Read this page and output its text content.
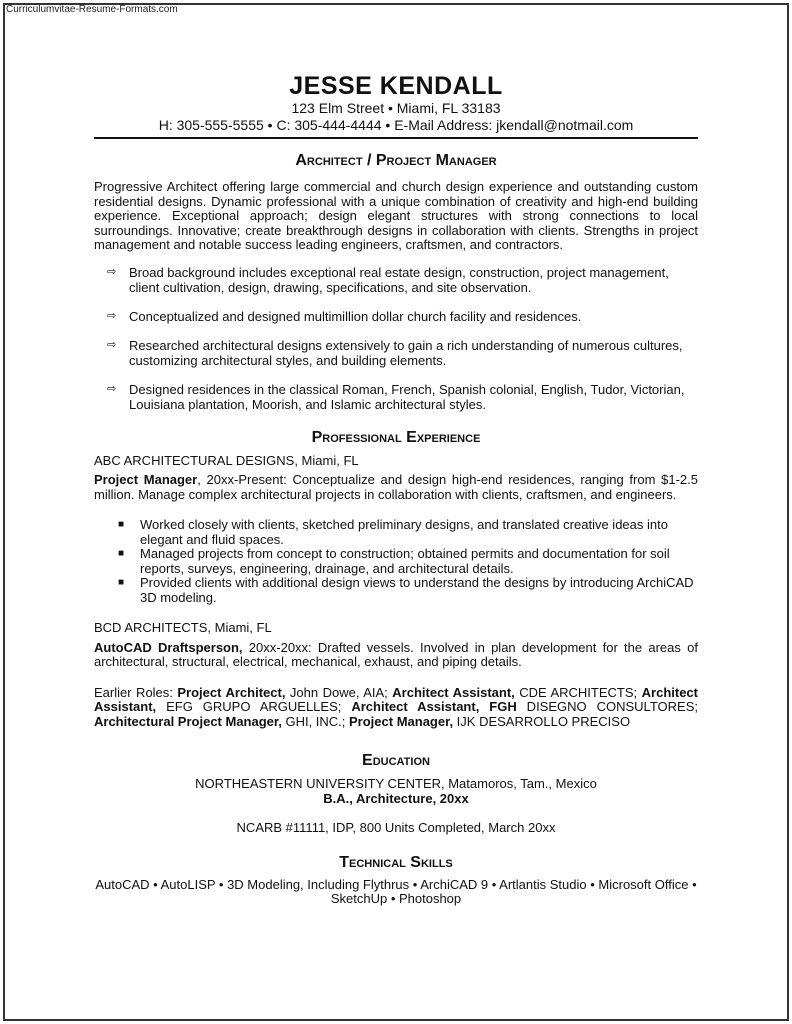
Curriculumvitae-Resume-Formats.com
JESSE KENDALL
123 Elm Street • Miami, FL 33183
H: 305-555-5555 • C: 305-444-4444 • E-Mail Address: jkendall@notmail.com
Architect / Project Manager

Progressive Architect offering large commercial and church design experience and outstanding custom residential designs. Dynamic professional with a unique combination of creativity and high-end building experience. Exceptional approach; design elegant structures with strong connections to local surroundings. Innovative; create breakthrough designs in collaboration with clients. Strengths in project management and notable success leading engineers, craftsmen, and contractors.

⇨ Broad background includes exceptional real estate design, construction, project management, client cultivation, design, drawing, specifications, and site observation.
⇨ Conceptualized and designed multimillion dollar church facility and residences.
⇨ Researched architectural designs extensively to gain a rich understanding of numerous cultures, customizing architectural styles, and building elements.
⇨ Designed residences in the classical Roman, French, Spanish colonial, English, Tudor, Victorian, Louisiana plantation, Moorish, and Islamic architectural styles.
Professional Experience

ABC ARCHITECTURAL DESIGNS, Miami, FL

Project Manager, 20xx-Present: Conceptualize and design high-end residences, ranging from $1-2.5 million. Manage complex architectural projects in collaboration with clients, craftsmen, and engineers.

■ Worked closely with clients, sketched preliminary designs, and translated creative ideas into elegant and fluid spaces.
■ Managed projects from concept to construction; obtained permits and documentation for soil reports, surveys, engineering, drainage, and architectural details.
■ Provided clients with additional design views to understand the designs by introducing ArchiCAD 3D modeling.

BCD ARCHITECTS, Miami, FL

AutoCAD Draftsperson, 20xx-20xx: Drafted vessels. Involved in plan development for the areas of architectural, structural, electrical, mechanical, exhaust, and piping details.

Earlier Roles: Project Architect, John Dowe, AIA; Architect Assistant, CDE ARCHITECTS; Architect Assistant, EFG GRUPO ARGUELLES; Architect Assistant, FGH DISEGNO CONSULTORES; Architectural Project Manager, GHI, INC.; Project Manager, IJK DESARROLLO PRECISO

Education

NORTHEASTERN UNIVERSITY CENTER, Matamoros, Tam., Mexico

B.A., Architecture, 20xx

NCARB #11111, IDP, 800 Units Completed, March 20xx

Technical Skills

AutoCAD • AutoLISP • 3D Modeling, Including Flythrus • ArchiCAD 9 • Artlantis Studio • Microsoft Office •

SketchUp • Photoshop
